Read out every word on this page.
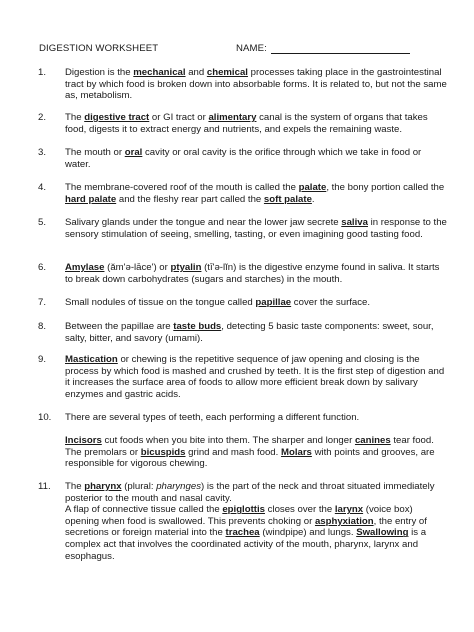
DIGESTION WORKSHEET	NAME:
1.	Digestion is the mechanical and chemical processes taking place in the gastrointestinal tract by which food is broken down into absorbable forms. It is related to, but not the same as, metabolism.
2.	The digestive tract or GI tract or alimentary canal is the system of organs that takes food, digests it to extract energy and nutrients, and expels the remaining waste.
3.	The mouth or oral cavity or oral cavity is the orifice through which we take in food or water.
4.	The membrane-covered roof of the mouth is called the palate, the bony portion called the hard palate and the fleshy rear part called the soft palate.
5.	Salivary glands under the tongue and near the lower jaw secrete saliva in response to the sensory stimulation of seeing, smelling, tasting, or even imagining good tasting food.
6.	Amylase (ăm'ə-lāce') or ptyalin (tī'ə-lĭn) is the digestive enzyme found in saliva. It starts to break down carbohydrates (sugars and starches) in the mouth.
7.	Small nodules of tissue on the tongue called papillae cover the surface.
8.	Between the papillae are taste buds, detecting 5 basic taste components: sweet, sour, salty, bitter, and savory (umami).
9.	Mastication or chewing is the repetitive sequence of jaw opening and closing is the process by which food is mashed and crushed by teeth. It is the first step of digestion and it increases the surface area of foods to allow more efficient break down by salivary enzymes and gastric acids.
10.	There are several types of teeth, each performing a different function.
Incisors cut foods when you bite into them. The sharper and longer canines tear food. The premolars or bicuspids grind and mash food. Molars with points and grooves, are responsible for vigorous chewing.
11.	The pharynx (plural: pharynges) is the part of the neck and throat situated immediately posterior to the mouth and nasal cavity.
A flap of connective tissue called the epiglottis closes over the larynx (voice box) opening when food is swallowed. This prevents choking or asphyxiation, the entry of secretions or foreign material into the trachea (windpipe) and lungs. Swallowing is a complex act that involves the coordinated activity of the mouth, pharynx, larynx and esophagus.
